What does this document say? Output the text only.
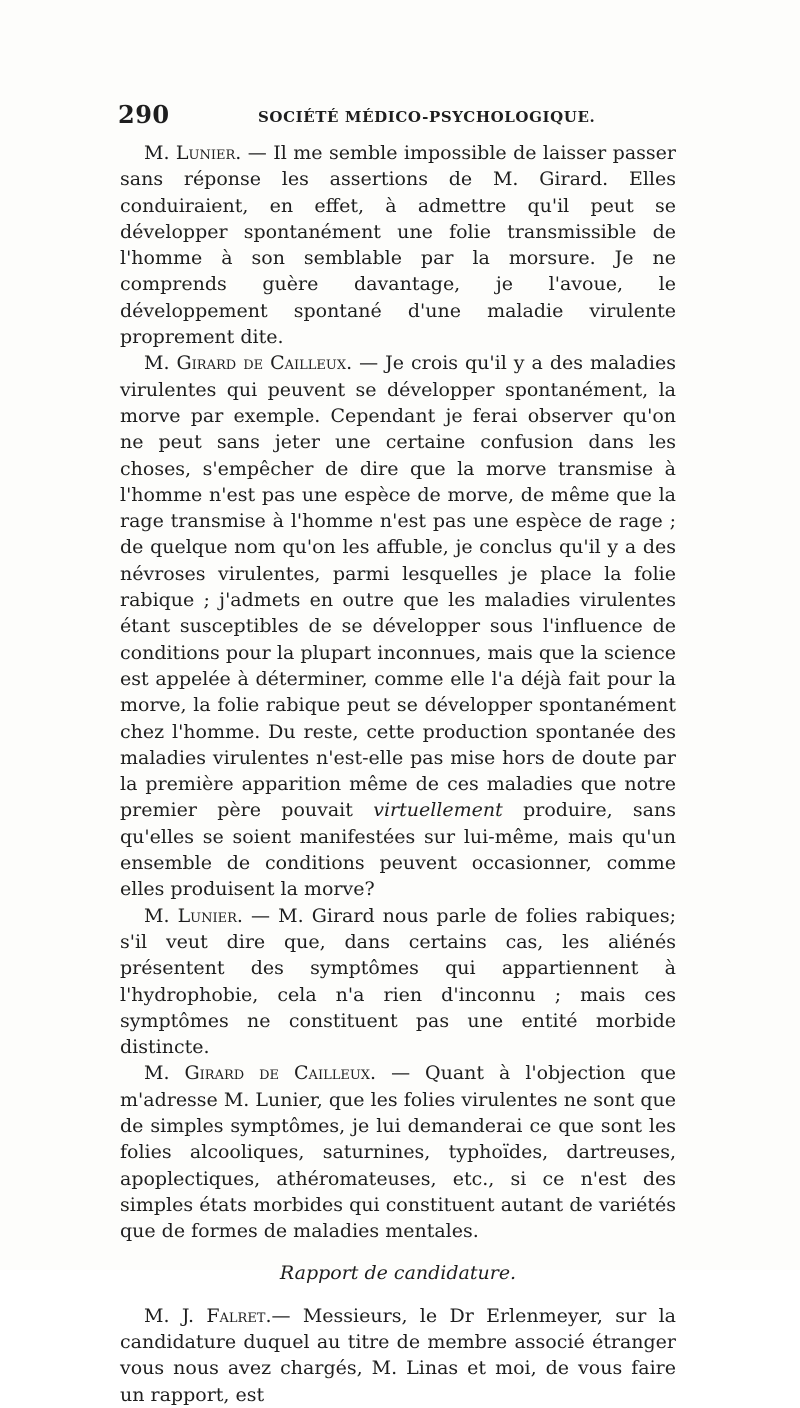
290	SOCIÉTÉ MÉDICO-PSYCHOLOGIQUE.

M. Lunier. — Il me semble impossible de laisser passer sans réponse les assertions de M. Girard. Elles conduiraient, en effet, à admettre qu'il peut se développer spontanément une folie transmissible de l'homme à son semblable par la morsure. Je ne comprends guère davantage, je l'avoue, le développement spontané d'une maladie virulente proprement dite.

M. Girard de Cailleux. — Je crois qu'il y a des maladies virulentes qui peuvent se développer spontanément, la morve par exemple. Cependant je ferai observer qu'on ne peut sans jeter une certaine confusion dans les choses, s'empêcher de dire que la morve transmise à l'homme n'est pas une espèce de morve, de même que la rage transmise à l'homme n'est pas une espèce de rage ; de quelque nom qu'on les affuble, je conclus qu'il y a des névroses virulentes, parmi lesquelles je place la folie rabique ; j'admets en outre que les maladies virulentes étant susceptibles de se développer sous l'influence de conditions pour la plupart inconnues, mais que la science est appelée à déterminer, comme elle l'a déjà fait pour la morve, la folie rabique peut se développer spontanément chez l'homme. Du reste, cette production spontanée des maladies virulentes n'est-elle pas mise hors de doute par la première apparition même de ces maladies que notre premier père pouvait virtuellement produire, sans qu'elles se soient manifestées sur lui-même, mais qu'un ensemble de conditions peuvent occasionner, comme elles produisent la morve?

M. Lunier. — M. Girard nous parle de folies rabiques; s'il veut dire que, dans certains cas, les aliénés présentent des symptômes qui appartiennent à l'hydrophobie, cela n'a rien d'inconnu ; mais ces symptômes ne constituent pas une entité morbide distincte.

M. Girard de Cailleux. — Quant à l'objection que m'adresse M. Lunier, que les folies virulentes ne sont que de simples symptômes, je lui demanderai ce que sont les folies alcooliques, saturnines, typhoïdes, dartreuses, apoplectiques, athéromateuses, etc., si ce n'est des simples états morbides qui constituent autant de variétés que de formes de maladies mentales.

Rapport de candidature.

M. J. Falret.— Messieurs, le Dr Erlenmeyer, sur la candidature duquel au titre de membre associé étranger vous nous avez chargés, M. Linas et moi, de vous faire un rapport, est
